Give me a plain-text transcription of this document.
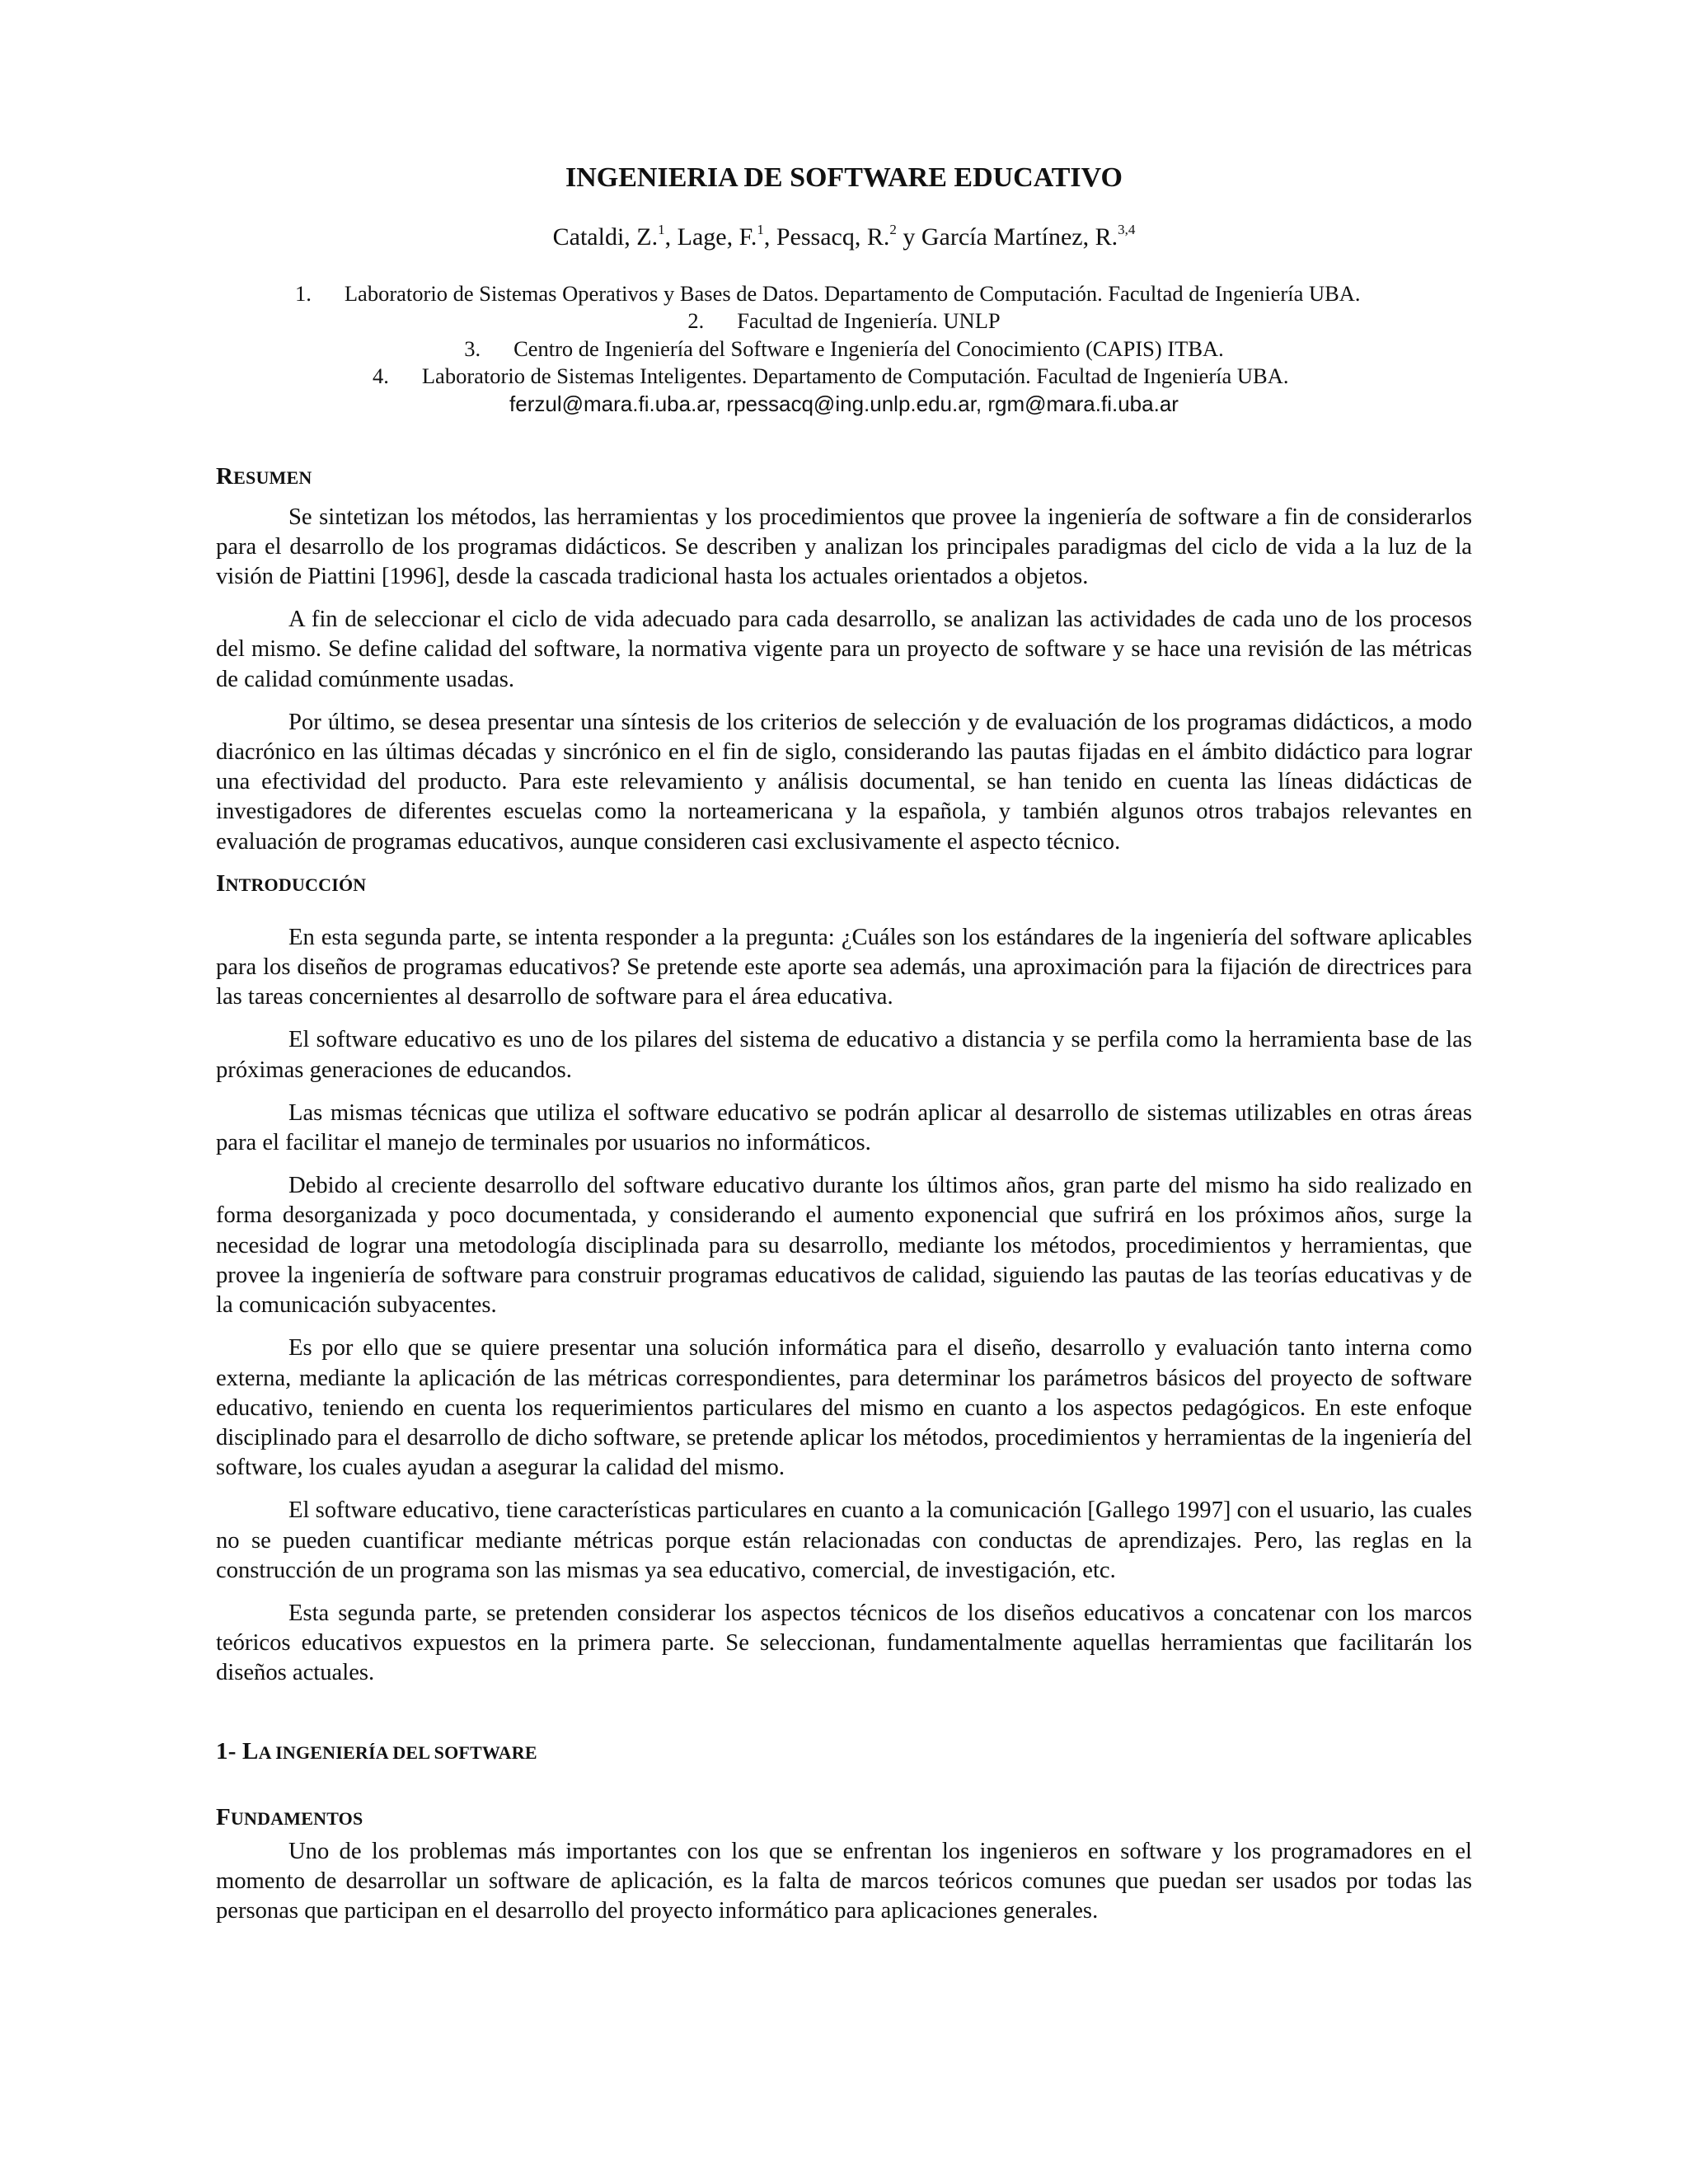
INGENIERIA DE SOFTWARE EDUCATIVO
Cataldi, Z.$^1$, Lage, F.$^1$, Pessacq, R.$^2$ y García Martínez, R.$^{3,4}$
1. Laboratorio de Sistemas Operativos y Bases de Datos. Departamento de Computación. Facultad de Ingeniería UBA.
2. Facultad de Ingeniería. UNLP
3. Centro de Ingeniería del Software e Ingeniería del Conocimiento (CAPIS) ITBA.
4. Laboratorio de Sistemas Inteligentes. Departamento de Computación. Facultad de Ingeniería UBA.
ferzul@mara.fi.uba.ar, rpessacq@ing.unlp.edu.ar, rgm@mara.fi.uba.ar
RESUMEN

Se sintetizan los métodos, las herramientas y los procedimientos que provee la ingeniería de software a fin de considerarlos para el desarrollo de los programas didácticos. Se describen y analizan los principales paradigmas del ciclo de vida a la luz de la visión de Piattini [1996], desde la cascada tradicional hasta los actuales orientados a objetos.

A fin de seleccionar el ciclo de vida adecuado para cada desarrollo, se analizan las actividades de cada uno de los procesos del mismo. Se define calidad del software, la normativa vigente para un proyecto de software y se hace una revisión de las métricas de calidad comúnmente usadas.

Por último, se desea presentar una síntesis de los criterios de selección y de evaluación de los programas didácticos, a modo diacrónico en las últimas décadas y sincrónico en el fin de siglo, considerando las pautas fijadas en el ámbito didáctico para lograr una efectividad del producto. Para este relevamiento y análisis documental, se han tenido en cuenta las líneas didácticas de investigadores de diferentes escuelas como la norteamericana y la española, y también algunos otros trabajos relevantes en evaluación de programas educativos, aunque consideren casi exclusivamente el aspecto técnico.

INTRODUCCIÓN

En esta segunda parte, se intenta responder a la pregunta: ¿Cuáles son los estándares de la ingeniería del software aplicables para los diseños de programas educativos? Se pretende este aporte sea además, una aproximación para la fijación de directrices para las tareas concernientes al desarrollo de software para el área educativa.

El software educativo es uno de los pilares del sistema de educativo a distancia y se perfila como la herramienta base de las próximas generaciones de educandos.

Las mismas técnicas que utiliza el software educativo se podrán aplicar al desarrollo de sistemas utilizables en otras áreas para el facilitar el manejo de terminales por usuarios no informáticos.

Debido al creciente desarrollo del software educativo durante los últimos años, gran parte del mismo ha sido realizado en forma desorganizada y poco documentada, y considerando el aumento exponencial que sufrirá en los próximos años, surge la necesidad de lograr una metodología disciplinada para su desarrollo, mediante los métodos, procedimientos y herramientas, que provee la ingeniería de software para construir programas educativos de calidad, siguiendo las pautas de las teorías educativas y de la comunicación subyacentes.

Es por ello que se quiere presentar una solución informática para el diseño, desarrollo y evaluación tanto interna como externa, mediante la aplicación de las métricas correspondientes, para determinar los parámetros básicos del proyecto de software educativo, teniendo en cuenta los requerimientos particulares del mismo en cuanto a los aspectos pedagógicos. En este enfoque disciplinado para el desarrollo de dicho software, se pretende aplicar los métodos, procedimientos y herramientas de la ingeniería del software, los cuales ayudan a asegurar la calidad del mismo.

El software educativo, tiene características particulares en cuanto a la comunicación [Gallego 1997] con el usuario, las cuales no se pueden cuantificar mediante métricas porque están relacionadas con conductas de aprendizajes. Pero, las reglas en la construcción de un programa son las mismas ya sea educativo, comercial, de investigación, etc.

Esta segunda parte, se pretenden considerar los aspectos técnicos de los diseños educativos a concatenar con los marcos teóricos educativos expuestos en la primera parte. Se seleccionan, fundamentalmente aquellas herramientas que facilitarán los diseños actuales.

1- LA INGENIERÍA DEL SOFTWARE
FUNDAMENTOS

Uno de los problemas más importantes con los que se enfrentan los ingenieros en software y los programadores en el momento de desarrollar un software de aplicación, es la falta de marcos teóricos comunes que puedan ser usados por todas las personas que participan en el desarrollo del proyecto informático para aplicaciones generales.
